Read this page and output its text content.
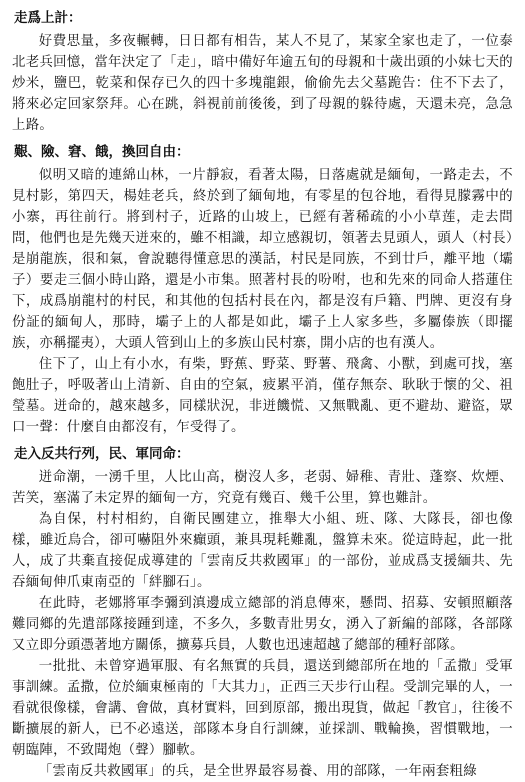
走爲上計：

好費思量，多夜輾轉，日日都有相告，某人不見了，某家全家也走了，一位泰北老兵回憶，當年決定了「走」，暗中備好年逾五旬的母親和十歲出頭的小妹七天的炒米，鹽巴，乾菜和保存已久的四十多塊龍銀，偷偷先去父墓跪告：住不下去了，將來必定回家祭拜。心在跳，斜視前前後後，到了母親的躲待處，天還未亮，急急上路。

艱、險、窘、餓，換回自由：

似明又暗的連綿山林，一片靜寂，看著太陽，日落處就是緬甸，一路走去，不見村影，第四天，楊娃老兵，終於到了緬甸地，有零星的包谷地，看得見朦霧中的小寨，再往前行。將到村子，近路的山坡上，已經有著稀疏的小小草莲，走去問問，他們也是先幾天迸來的，雖不相識，却立感親切，領著去見頭人，頭人（村長）是崩龍族，很和氣，會說聽得懂意思的漢話，村民是同族，不到廿戶，離平地（壩子）要走三個小時山路，還是小市集。照著村長的吩咐，也和先來的同命人搭蓮住下，成爲崩龍村的村民，和其他的包括村長在內，都是沒有戶籍、門牌、更沒有身份証的緬甸人，那時，壩子上的人都是如此，壩子上人家多些，多屬傣族（即擺族，亦稱擺夷），大頭人管到山上的多族山民村寨，開小店的也有漢人。

住下了，山上有小水，有柴，野蕉、野菜、野薯、飛禽、小獸，到處可找，塞飽肚子，呼吸著山上清新、自由的空氣，疲累平消，僅存無奈、耿耿于懷的父、祖瑩墓。迸命的，越來越多，同樣狀況，非迸饑慌、又無戰亂、更不避劫、避盜，眾口一聲：什麼自由都沒有，乍受得了。

走入反共行列，民、軍同命：

迸命潮，一湧千里，人比山高，樹沒人多，老弱、婦稚、青壯、蓬察、炊煙、苦笑，塞滿了未定界的緬甸一方，究竟有幾百、幾千公里，算也難計。

為自保，村村相約，自衛民團建立，推舉大小組、班、隊、大隊長，卻也像樣，雖近烏合，卻可嚇阻外來癲頭，兼具現耗難亂，盤算未來。從這時起，此一批人，成了共棄直接促成導建的「雲南反共救國軍」的一部份，並成爲支援緬共、先吞緬甸伸爪東南亞的「絆腳石」。

在此時，老娜將軍李彌到滇邊成立總部的消息傳來，懸問、招募、安頓照顧落難同鄉的先遣部隊接踵到達，不多久，多數青壯男女，湧入了新編的部隊，各部隊又立即分頭憑著地方關係，擴募兵員，人數也迅速超越了總部的種籽部隊。

一批批、未曾穿過軍服、有名無實的兵員，還送到總部所在地的「孟撒」受軍事訓練。孟撒，位於緬東極南的「大其力」，正西三天步行山程。受訓完畢的人，一看就很像樣，會講、會做，真材實料，回到原部，搬出現貨，做起「教官」，往後不斷擴展的新人，已不必遠送，部隊本身自行訓練，並採訓、戰輪換，習慣戰地，一朝臨陣，不致聞炮（聲）腳軟。

「雲南反共救國軍」的兵，是全世界最容易養、用的部隊，一年兩套粗綠
